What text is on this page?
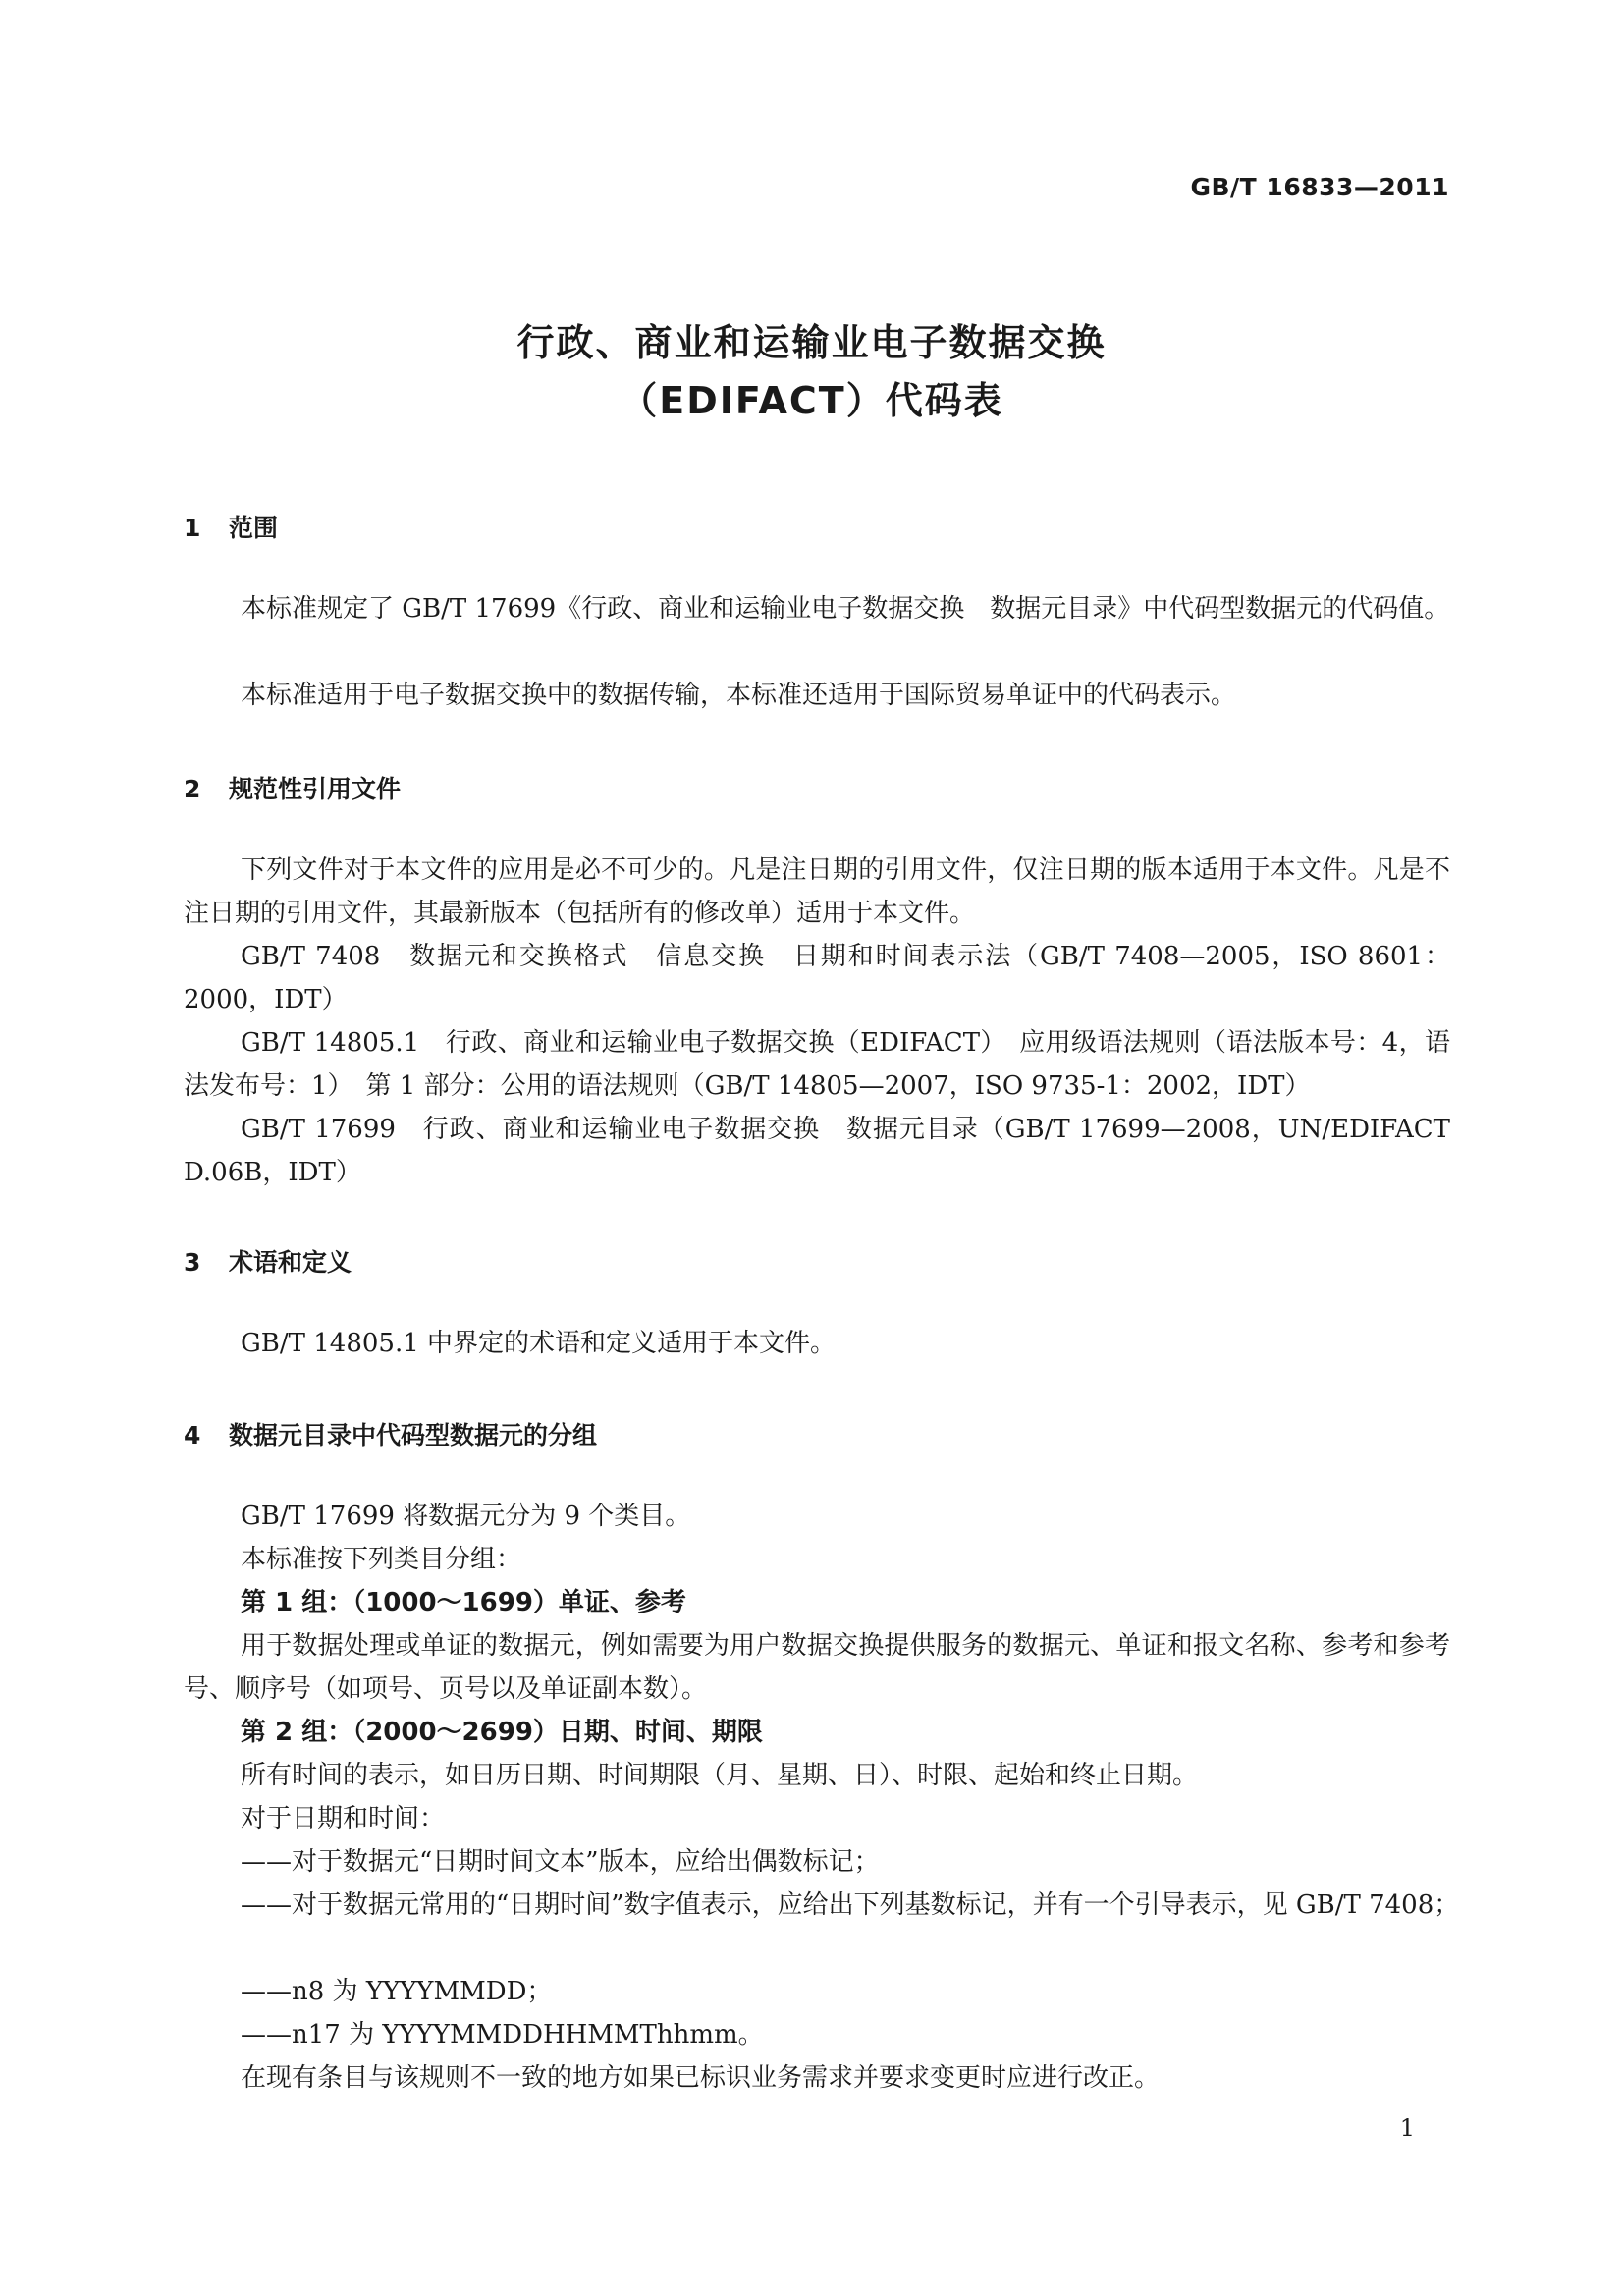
GB/T 16833—2011
行政、商业和运输业电子数据交换
（EDIFACT）代码表
1 范围
本标准规定了 GB/T 17699《行政、商业和运输业电子数据交换　数据元目录》中代码型数据元的代码值。
本标准适用于电子数据交换中的数据传输，本标准还适用于国际贸易单证中的代码表示。
2 规范性引用文件
下列文件对于本文件的应用是必不可少的。凡是注日期的引用文件，仅注日期的版本适用于本文件。凡是不注日期的引用文件，其最新版本（包括所有的修改单）适用于本文件。
GB/T 7408　数据元和交换格式　信息交换　日期和时间表示法（GB/T 7408—2005，ISO 8601：2000，IDT）
GB/T 14805.1　行政、商业和运输业电子数据交换（EDIFACT）　应用级语法规则（语法版本号：4，语法发布号：1）　第 1 部分：公用的语法规则（GB/T 14805—2007，ISO 9735-1：2002，IDT）
GB/T 17699　行政、商业和运输业电子数据交换　数据元目录（GB/T 17699—2008，UN/EDIFACT D.06B，IDT）
3 术语和定义
GB/T 14805.1 中界定的术语和定义适用于本文件。
4 数据元目录中代码型数据元的分组
GB/T 17699 将数据元分为 9 个类目。
本标准按下列类目分组：
第 1 组：（1000～1699）单证、参考
用于数据处理或单证的数据元，例如需要为用户数据交换提供服务的数据元、单证和报文名称、参考和参考号、顺序号（如项号、页号以及单证副本数）。
第 2 组：（2000～2699）日期、时间、期限
所有时间的表示，如日历日期、时间期限（月、星期、日）、时限、起始和终止日期。
对于日期和时间：
——对于数据元“日期时间文本”版本，应给出偶数标记；
——对于数据元常用的“日期时间”数字值表示，应给出下列基数标记，并有一个引导表示，见 GB/T 7408；
——n8 为 YYYYMMDD；
——n17 为 YYYYMMDDHHMMThhmm。
在现有条目与该规则不一致的地方如果已标识业务需求并要求变更时应进行改正。
1
